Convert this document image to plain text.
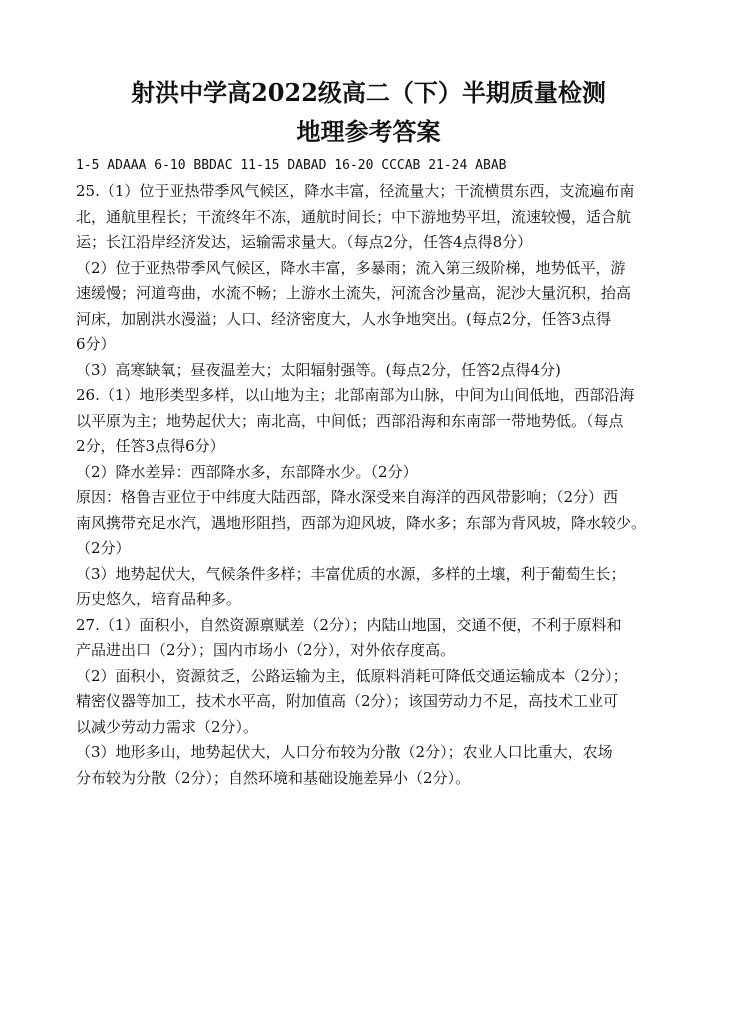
射洪中学高2022级高二（下）半期质量检测
地理参考答案
1-5 ADAAA 6-10 BBDAC 11-15 DABAD 16-20 CCCAB 21-24 ABAB
25.（1）位于亚热带季风气候区，降水丰富，径流量大；干流横贯东西，支流遍布南
北，通航里程长；干流终年不冻，通航时间长；中下游地势平坦，流速较慢，适合航
运；长江沿岸经济发达，运输需求量大。（每点2分，任答4点得8分）
（2）位于亚热带季风气候区，降水丰富，多暴雨；流入第三级阶梯，地势低平，游
速缓慢；河道弯曲，水流不畅；上游水土流失，河流含沙量高，泥沙大量沉积，抬高
河床，加剧洪水漫溢；人口、经济密度大，人水争地突出。(每点2分，任答3点得
6分）
（3）高寒缺氧；昼夜温差大；太阳辐射强等。(每点2分，任答2点得4分)
26.（1）地形类型多样，以山地为主；北部南部为山脉，中间为山间低地，西部沿海
以平原为主；地势起伏大；南北高，中间低；西部沿海和东南部一带地势低。（每点
2分，任答3点得6分）
（2）降水差异：西部降水多，东部降水少。（2分）
原因：格鲁吉亚位于中纬度大陆西部，降水深受来自海洋的西风带影响；（2分）西
南风携带充足水汽，遇地形阻挡，西部为迎风坡，降水多；东部为背风坡，降水较少。
（2分）
（3）地势起伏大，气候条件多样；丰富优质的水源，多样的土壤，利于葡萄生长；
历史悠久，培育品种多。
27.（1）面积小，自然资源禀赋差（2分）；内陆山地国，交通不便，不利于原料和
产品进出口（2分）；国内市场小（2分），对外依存度高。
（2）面积小，资源贫乏，公路运输为主，低原料消耗可降低交通运输成本（2分）；
精密仪器等加工，技术水平高，附加值高（2分）；该国劳动力不足，高技术工业可
以减少劳动力需求（2分）。
（3）地形多山，地势起伏大，人口分布较为分散（2分）；农业人口比重大，农场
分布较为分散（2分）；自然环境和基础设施差异小（2分）。
